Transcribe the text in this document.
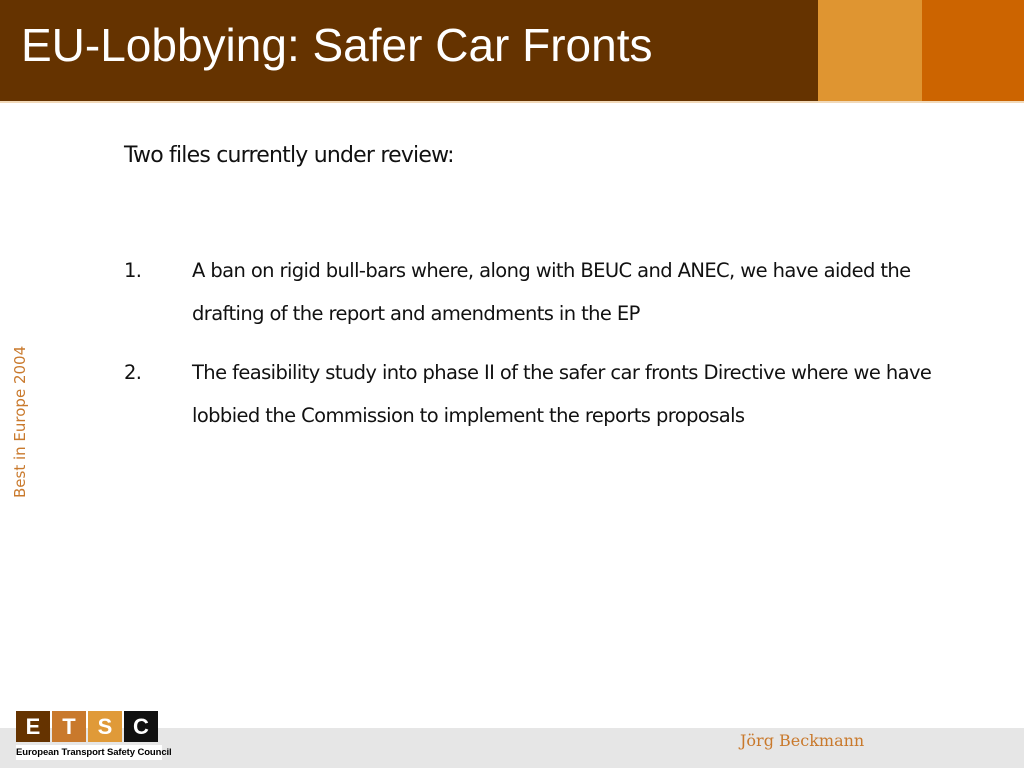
EU-Lobbying: Safer Car Fronts
Best in Europe 2004

Two files currently under review:

1.	A ban on rigid bull-bars where, along with BEUC and ANEC, we have aided the drafting of the report and amendments in the EP
2.	The feasibility study into phase II of the safer car fronts Directive where we have lobbied the Commission to implement the reports proposals
E T S C
European Transport Safety Council
Jörg Beckmann
